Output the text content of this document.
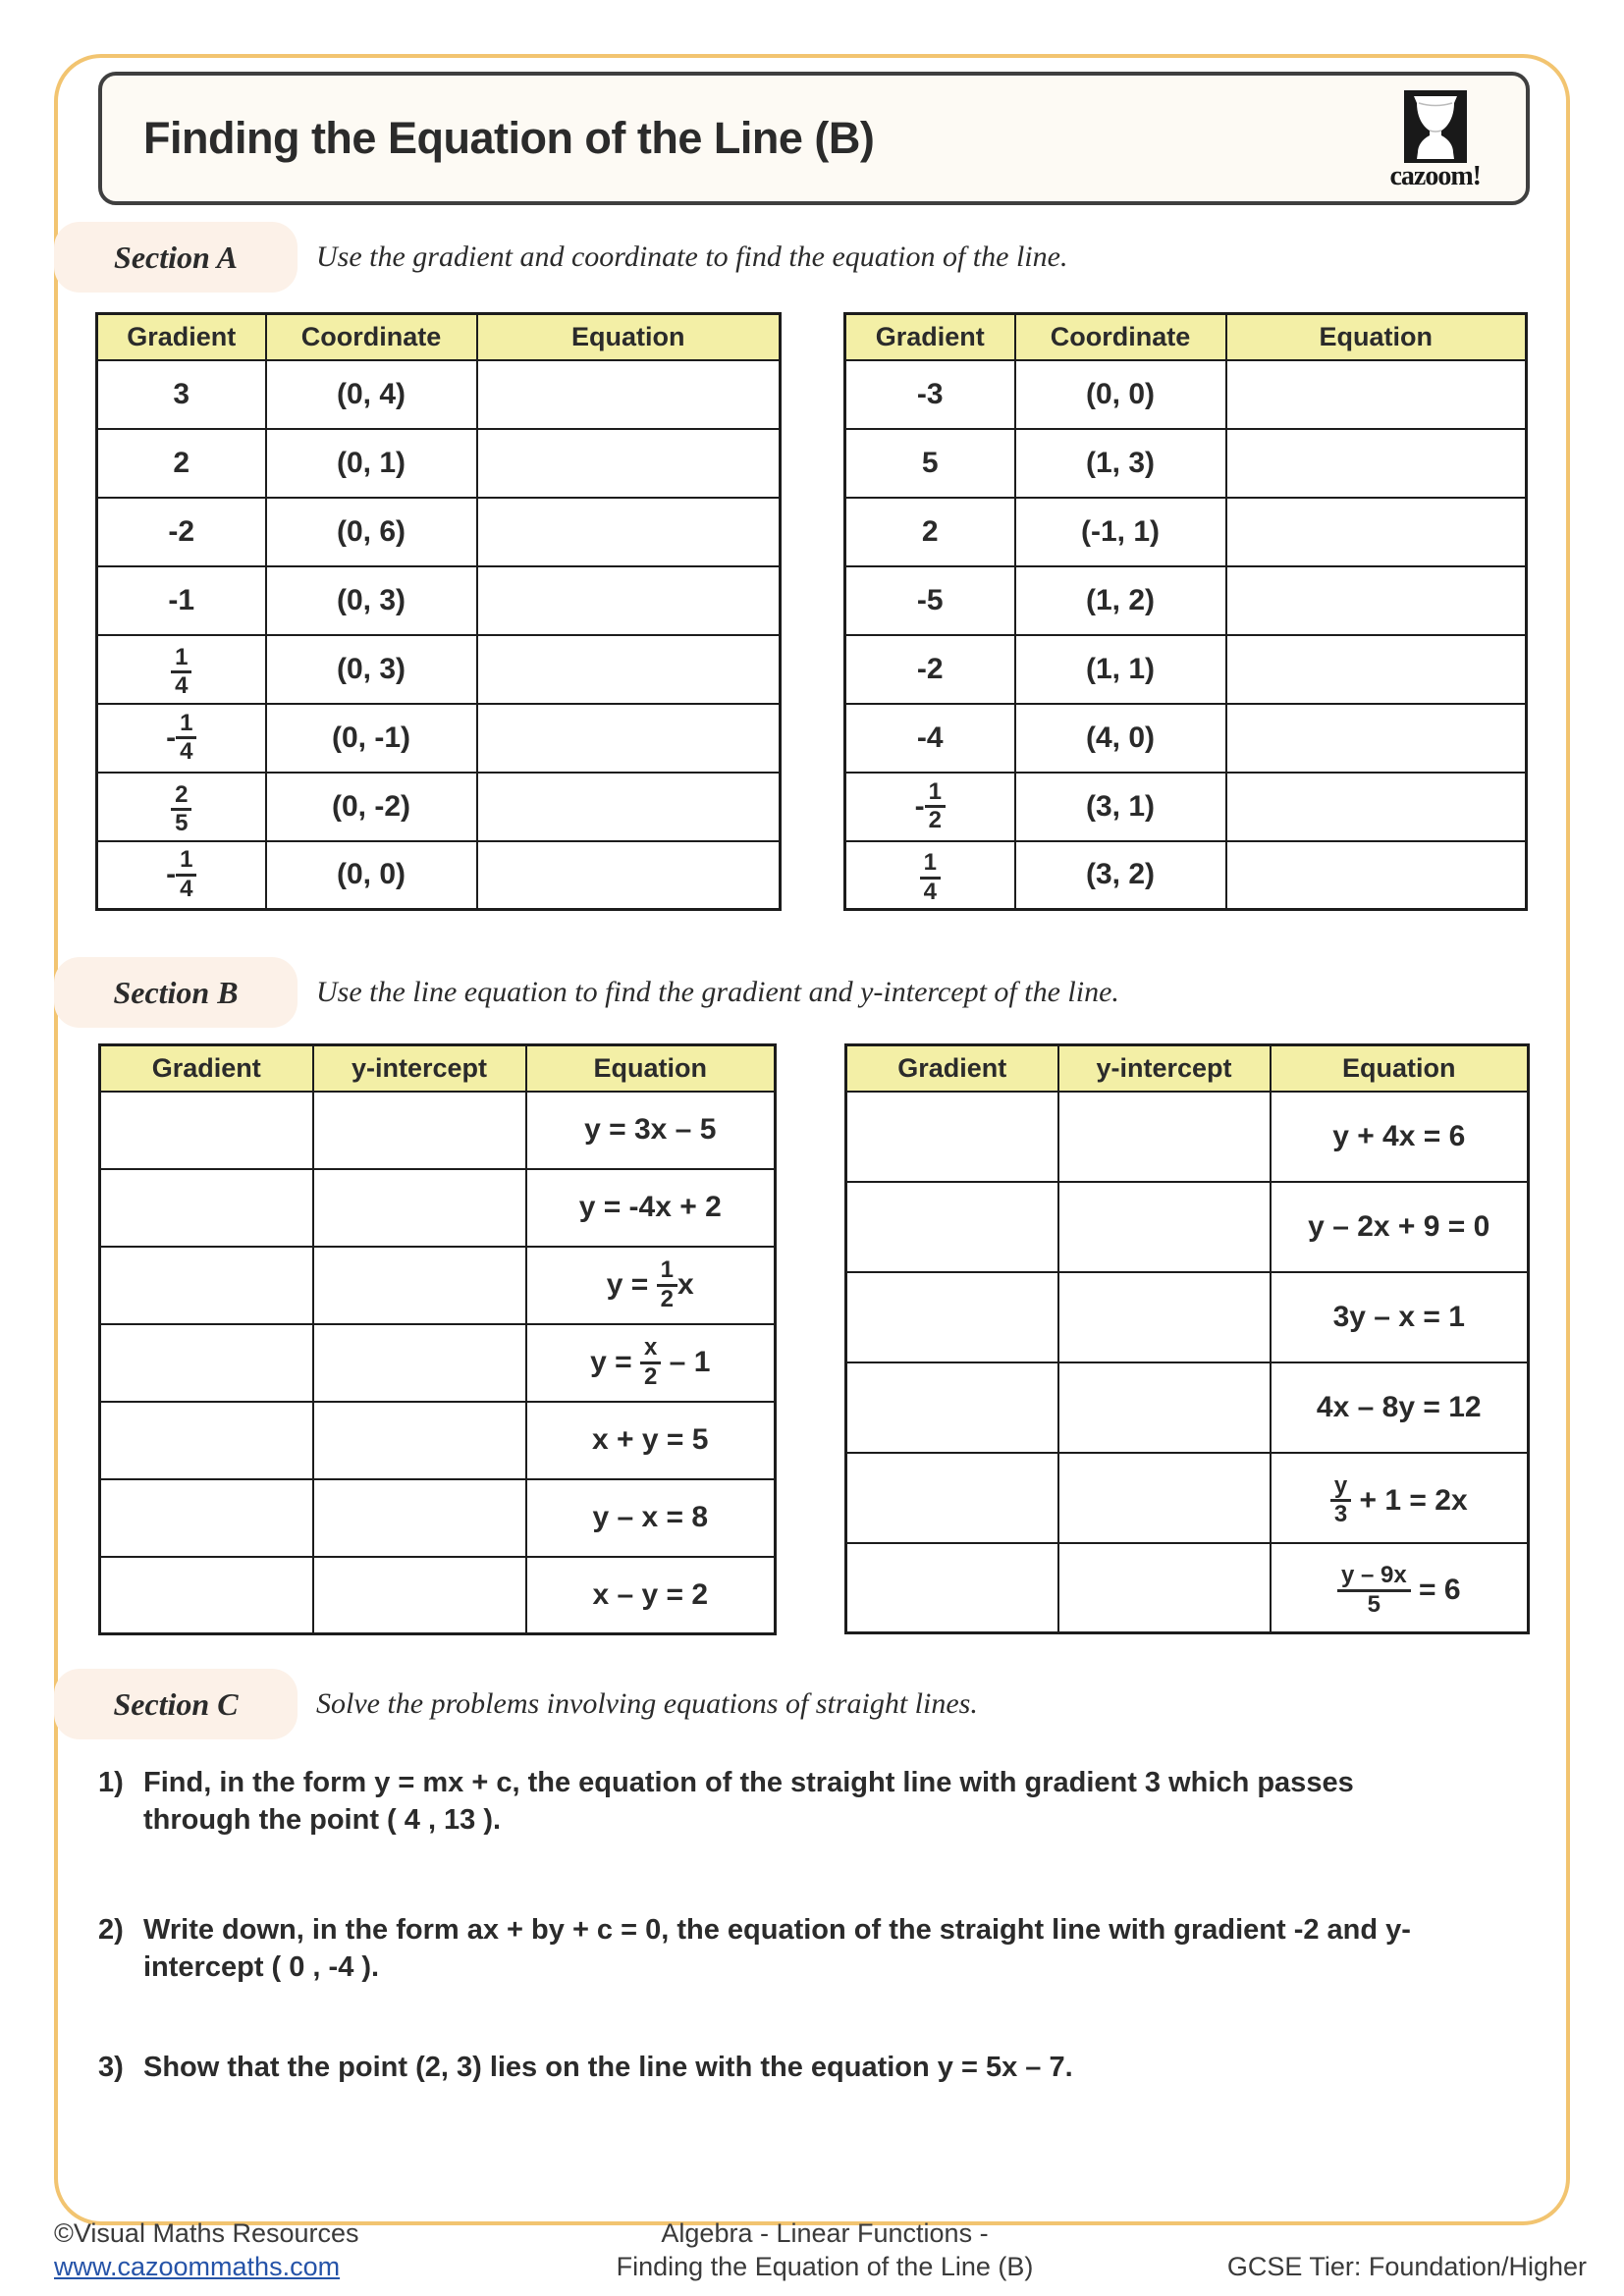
Finding the Equation of the Line (B)
cazoom!
Section A	Use the gradient and coordinate to find the equation of the line.
Gradient	Coordinate	Equation

3	(0, 4)	

2	(0, 1)	

-2	(0, 6)	

-1	(0, 3)	

$\frac{1}{4}$	(0, 3)	

- $\frac{1}{4}$	(0, -1)	

$\frac{2}{5}$	(0, -2)	

- $\frac{1}{4}$	(0, 0)	

Gradient	Coordinate	Equation

-3	(0, 0)	

5	(1, 3)	

2	(-1, 1)	

-5	(1, 2)	

-2	(1, 1)	

-4	(4, 0)	

- $\frac{1}{2}$	(3, 1)	

$\frac{1}{4}$	(3, 2)	

Section B	Use the line equation to find the gradient and y-intercept of the line.
Gradient	y-intercept	Equation

		y = 3x – 5

		y = -4x + 2

		$y = \frac{1}{2}$ x

		$y = \frac{x}{2} - 1$

		x + y = 5

		y – x = 8

		x – y = 2
Gradient	y-intercept	Equation

		y + 4x = 6

		y – 2x + 9 = 0

		3y – x = 1

		4x – 8y = 12

		$\frac{y}{3} + 1 = 2x$

		$\frac{y - 9x}{5} = 6$
Section C	Solve the problems involving equations of straight lines.
1) Find, in the form y = mx + c, the equation of the straight line with gradient 3 which passes through the point ( 4 , 13 ).
2) Write down, in the form ax + by + c = 0, the equation of the straight line with gradient -2 and y-intercept ( 0 , -4 ).
3) Show that the point (2, 3) lies on the line with the equation y = 5x – 7.
©Visual Maths Resources
www.cazoommaths.com
Algebra - Linear Functions -
Finding the Equation of the Line (B)	GCSE Tier: Foundation/Higher
